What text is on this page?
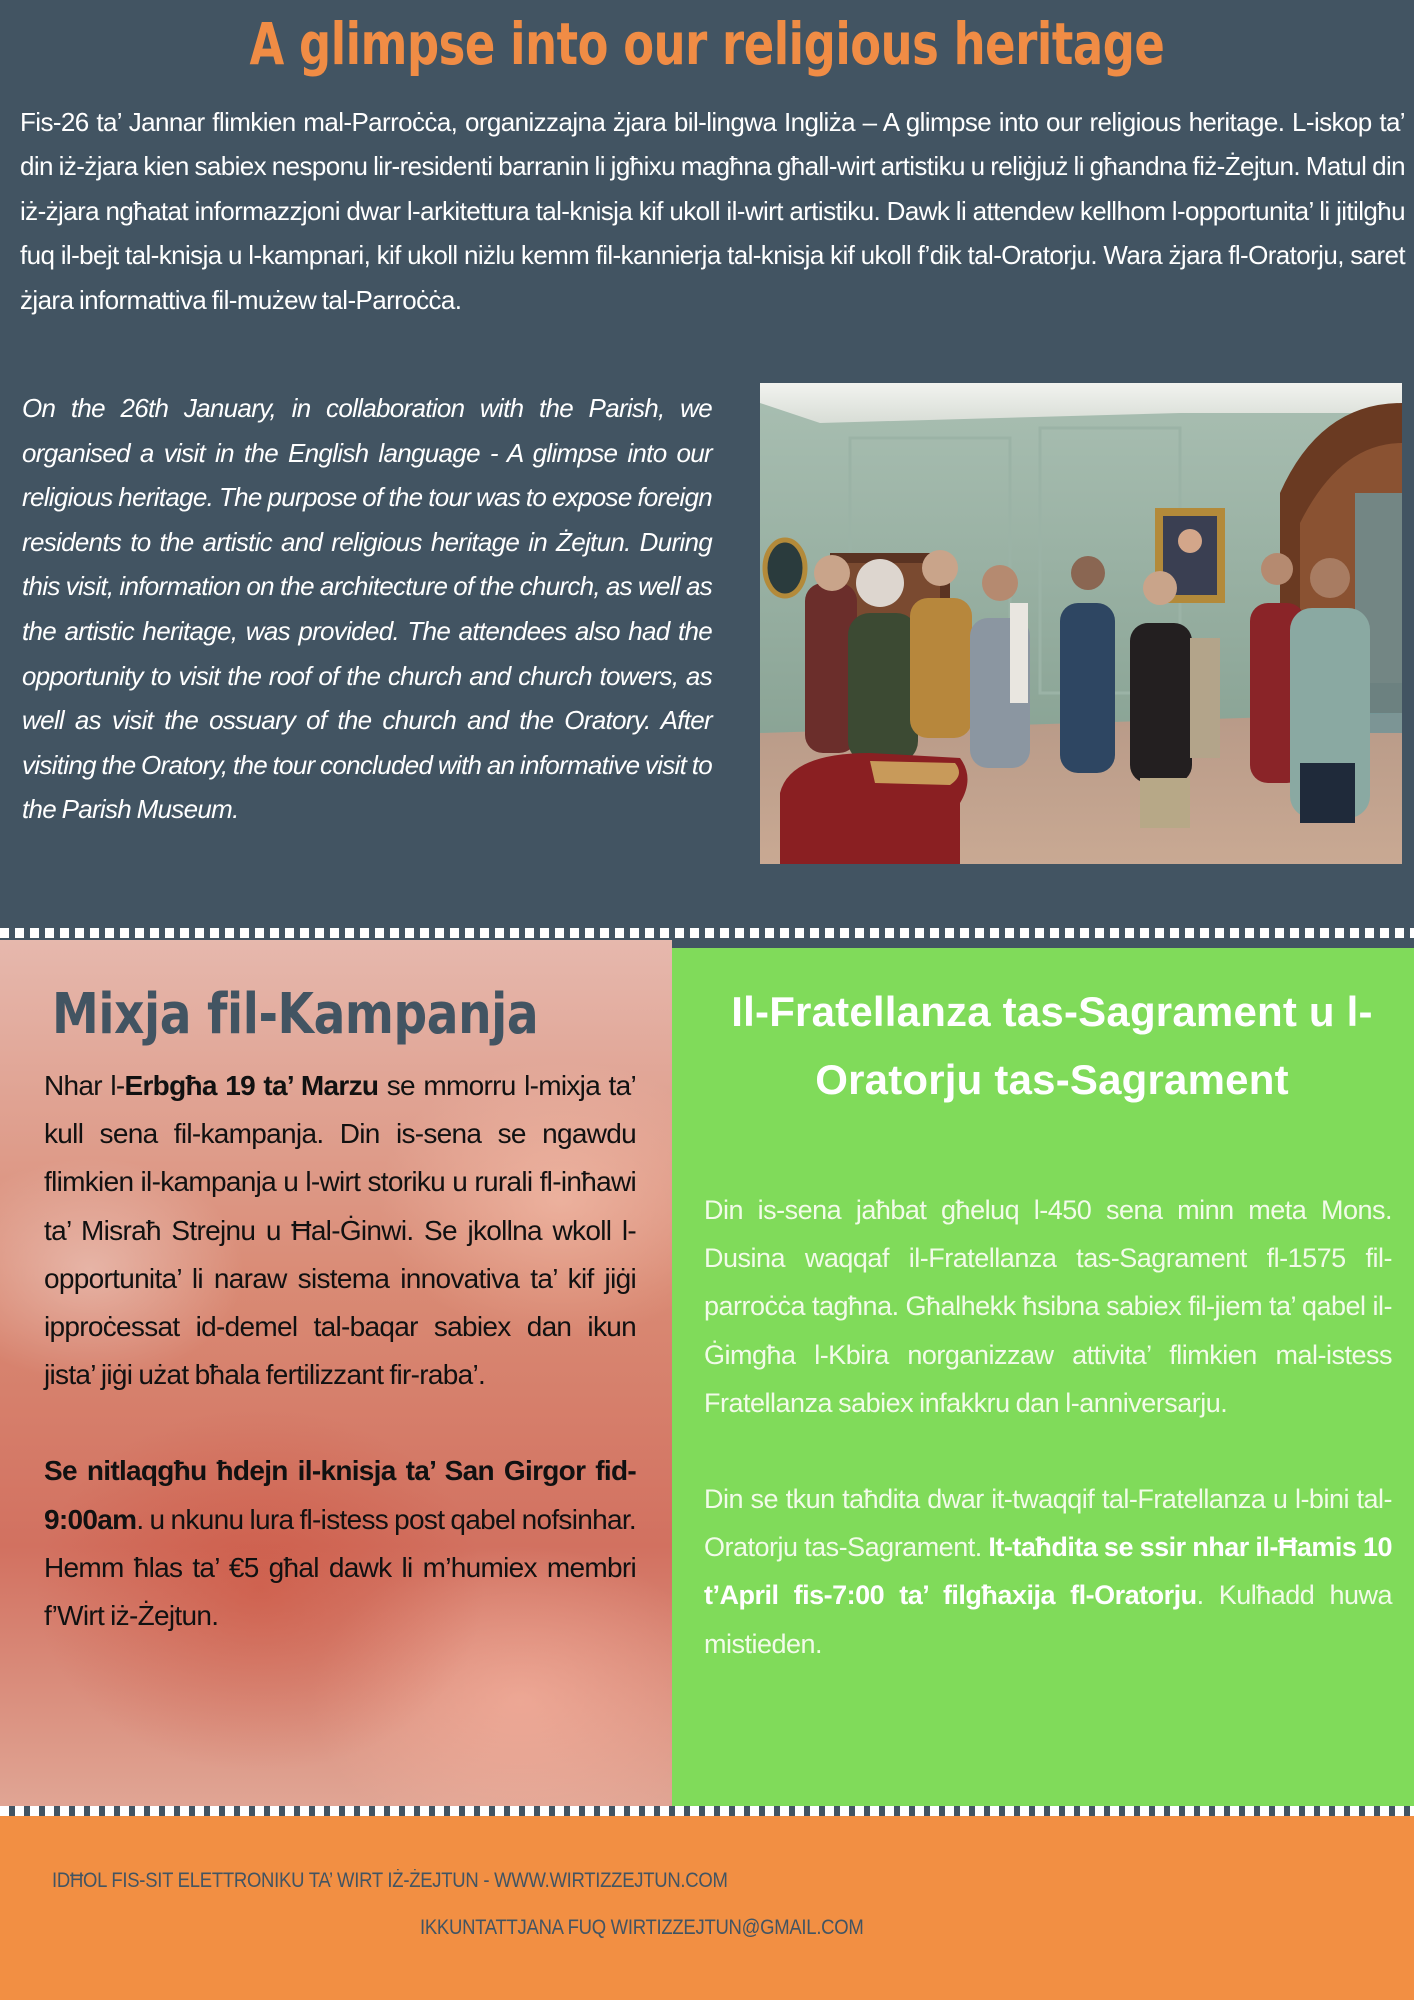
A glimpse into our religious heritage

Fis-26 ta’ Jannar flimkien mal-Parroċċa, organizzajna żjara bil-lingwa Ingliża – A glimpse into our religious heritage. L-iskop ta’ din iż-żjara kien sabiex nesponu lir-residenti barranin li jgħixu magħna għall-wirt artistiku u reliġjuż li għandna fiż-Żejtun. Matul din iż-żjara ngħatat informazzjoni dwar l-arkitettura tal-knisja kif ukoll il-wirt artistiku. Dawk li attendew kellhom l-opportunita’ li jitilgħu fuq il-bejt tal-knisja u l-kampnari, kif ukoll niżlu kemm fil-kannierja tal-knisja kif ukoll f’dik tal-Oratorju. Wara żjara fl-Oratorju, saret żjara informattiva fil-mużew tal-Parroċċa.

On the 26th January, in collaboration with the Parish, we organised a visit in the English language - A glimpse into our religious heritage. The purpose of the tour was to expose foreign residents to the artistic and religious heritage in Żejtun. During this visit, information on the architecture of the church, as well as the artistic heritage, was provided. The attendees also had the opportunity to visit the roof of the church and church towers, as well as visit the ossuary of the church and the Oratory. After visiting the Oratory, the tour concluded with an informative visit to the Parish Museum.

Mixja fil-Kampanja

Nhar l-Erbgħa 19 ta’ Marzu se mmorru l-mixja ta’ kull sena fil-kampanja. Din is-sena se ngawdu flimkien il-kampanja u l-wirt storiku u rurali fl-inħawi ta’ Misraħ Strejnu u Ħal-Ġinwi. Se jkollna wkoll l-opportunita’ li naraw sistema innovativa ta’ kif jiġi ipproċessat id-demel tal-baqar sabiex dan ikun jista’ jiġi użat bħala fertilizzant fir-raba’.

Se nitlaqgħu ħdejn il-knisja ta’ San Girgor fid-9:00am. u nkunu lura fl-istess post qabel nofsinhar. Hemm ħlas ta’ €5 għal dawk li m’humiex membri f’Wirt iż-Żejtun.

Il-Fratellanza tas-Sagrament u l-Oratorju tas-Sagrament

Din is-sena jaħbat għeluq l-450 sena minn meta Mons. Dusina waqqaf il-Fratellanza tas-Sagrament fl-1575 fil-parroċċa tagħna. Għalhekk ħsibna sabiex fil-jiem ta’ qabel il-Ġimgħa l-Kbira norganizzaw attivita’ flimkien mal-istess Fratellanza sabiex infakkru dan l-anniversarju.

Din se tkun taħdita dwar it-twaqqif tal-Fratellanza u l-bini tal-Oratorju tas-Sagrament. It-taħdita se ssir nhar il-Ħamis 10 t’April fis-7:00 ta’ filgħaxija fl-Oratorju. Kulħadd huwa mistieden.

IDĦOL FIS-SIT ELETTRONIKU TA’ WIRT IŻ-ŻEJTUN - WWW.WIRTIZZEJTUN.COM
IKKUNTATTJANA FUQ WIRTIZZEJTUN@GMAIL.COM
